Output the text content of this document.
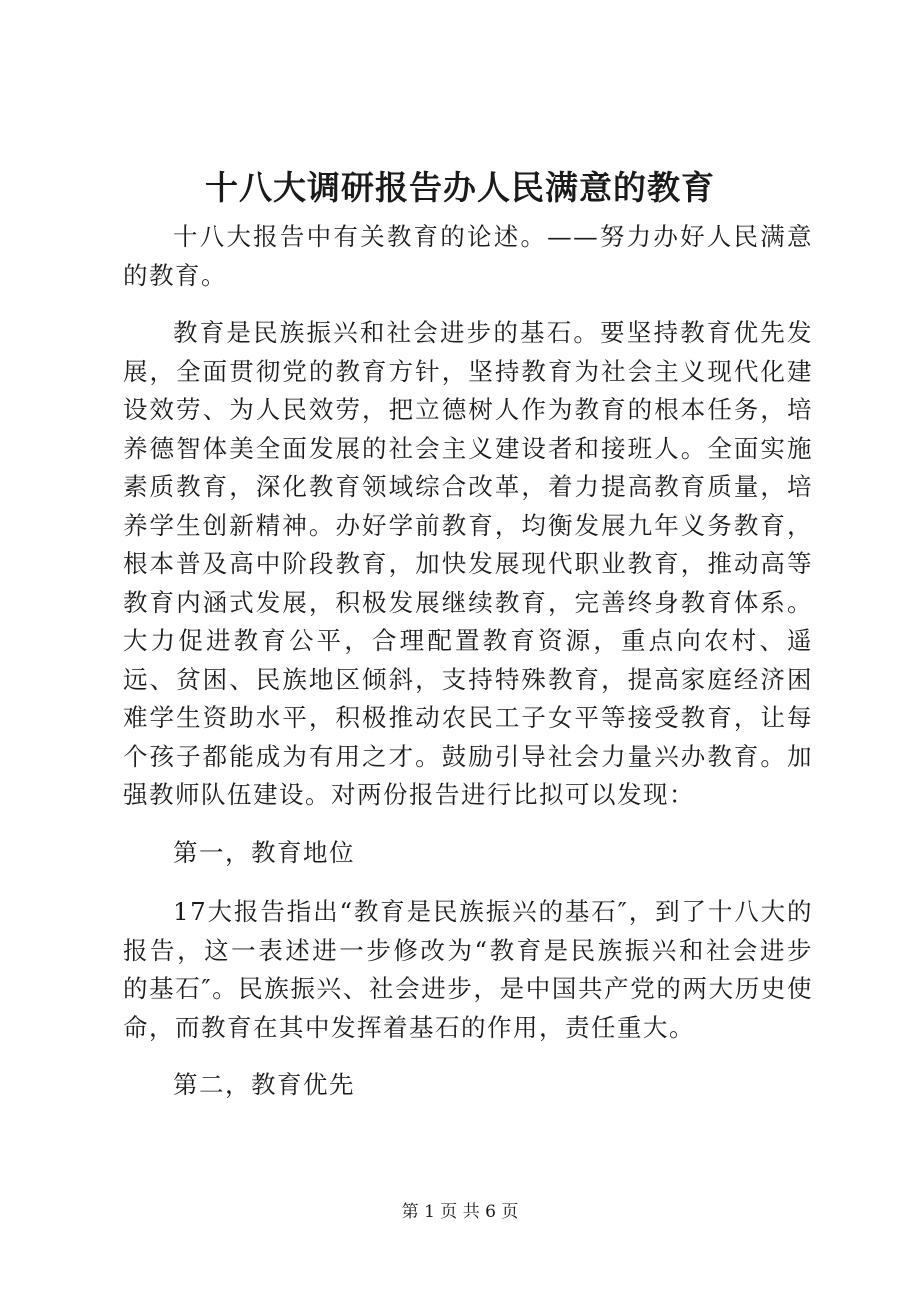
十八大调研报告办人民满意的教育

十八大报告中有关教育的论述。——努力办好人民满意的教育。

教育是民族振兴和社会进步的基石。要坚持教育优先发展，全面贯彻党的教育方针，坚持教育为社会主义现代化建设效劳、为人民效劳，把立德树人作为教育的根本任务，培养德智体美全面发展的社会主义建设者和接班人。全面实施素质教育，深化教育领域综合改革，着力提高教育质量，培养学生创新精神。办好学前教育，均衡发展九年义务教育，根本普及高中阶段教育，加快发展现代职业教育，推动高等教育内涵式发展，积极发展继续教育，完善终身教育体系。大力促进教育公平，合理配置教育资源，重点向农村、遥远、贫困、民族地区倾斜，支持特殊教育，提高家庭经济困难学生资助水平，积极推动农民工子女平等接受教育，让每个孩子都能成为有用之才。鼓励引导社会力量兴办教育。加强教师队伍建设。对两份报告进行比拟可以发现：

第一，教育地位

17大报告指出“教育是民族振兴的基石″，到了十八大的报告，这一表述进一步修改为“教育是民族振兴和社会进步的基石″。民族振兴、社会进步，是中国共产党的两大历史使命，而教育在其中发挥着基石的作用，责任重大。

第二，教育优先

第 1 页 共 6 页
